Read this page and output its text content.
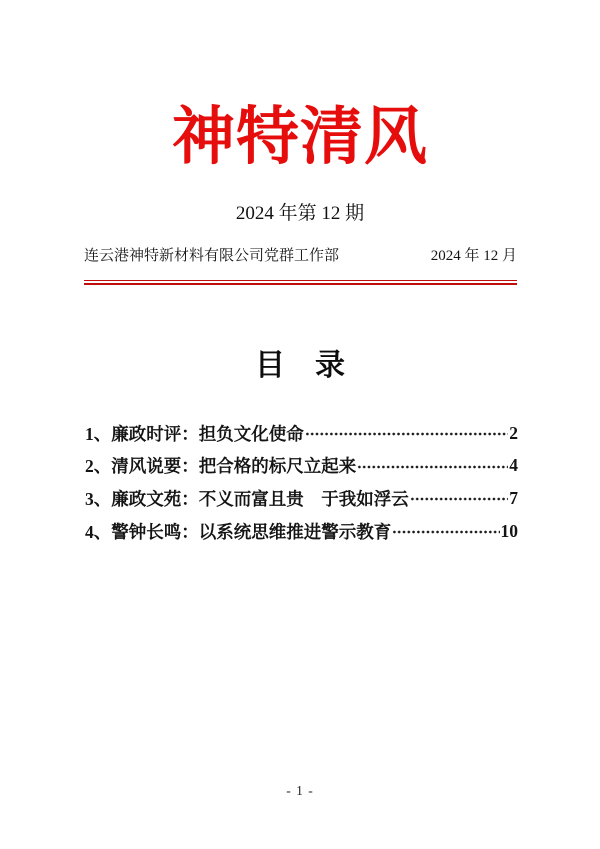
神特清风
2024 年第 12 期
连云港神特新材料有限公司党群工作部	2024 年 12 月
目　录
1、廉政时评：担负文化使命	2
2、清风说要：把合格的标尺立起来	4
3、廉政文苑：不义而富且贵　于我如浮云	7
4、警钟长鸣：以系统思维推进警示教育	10
- 1 -
